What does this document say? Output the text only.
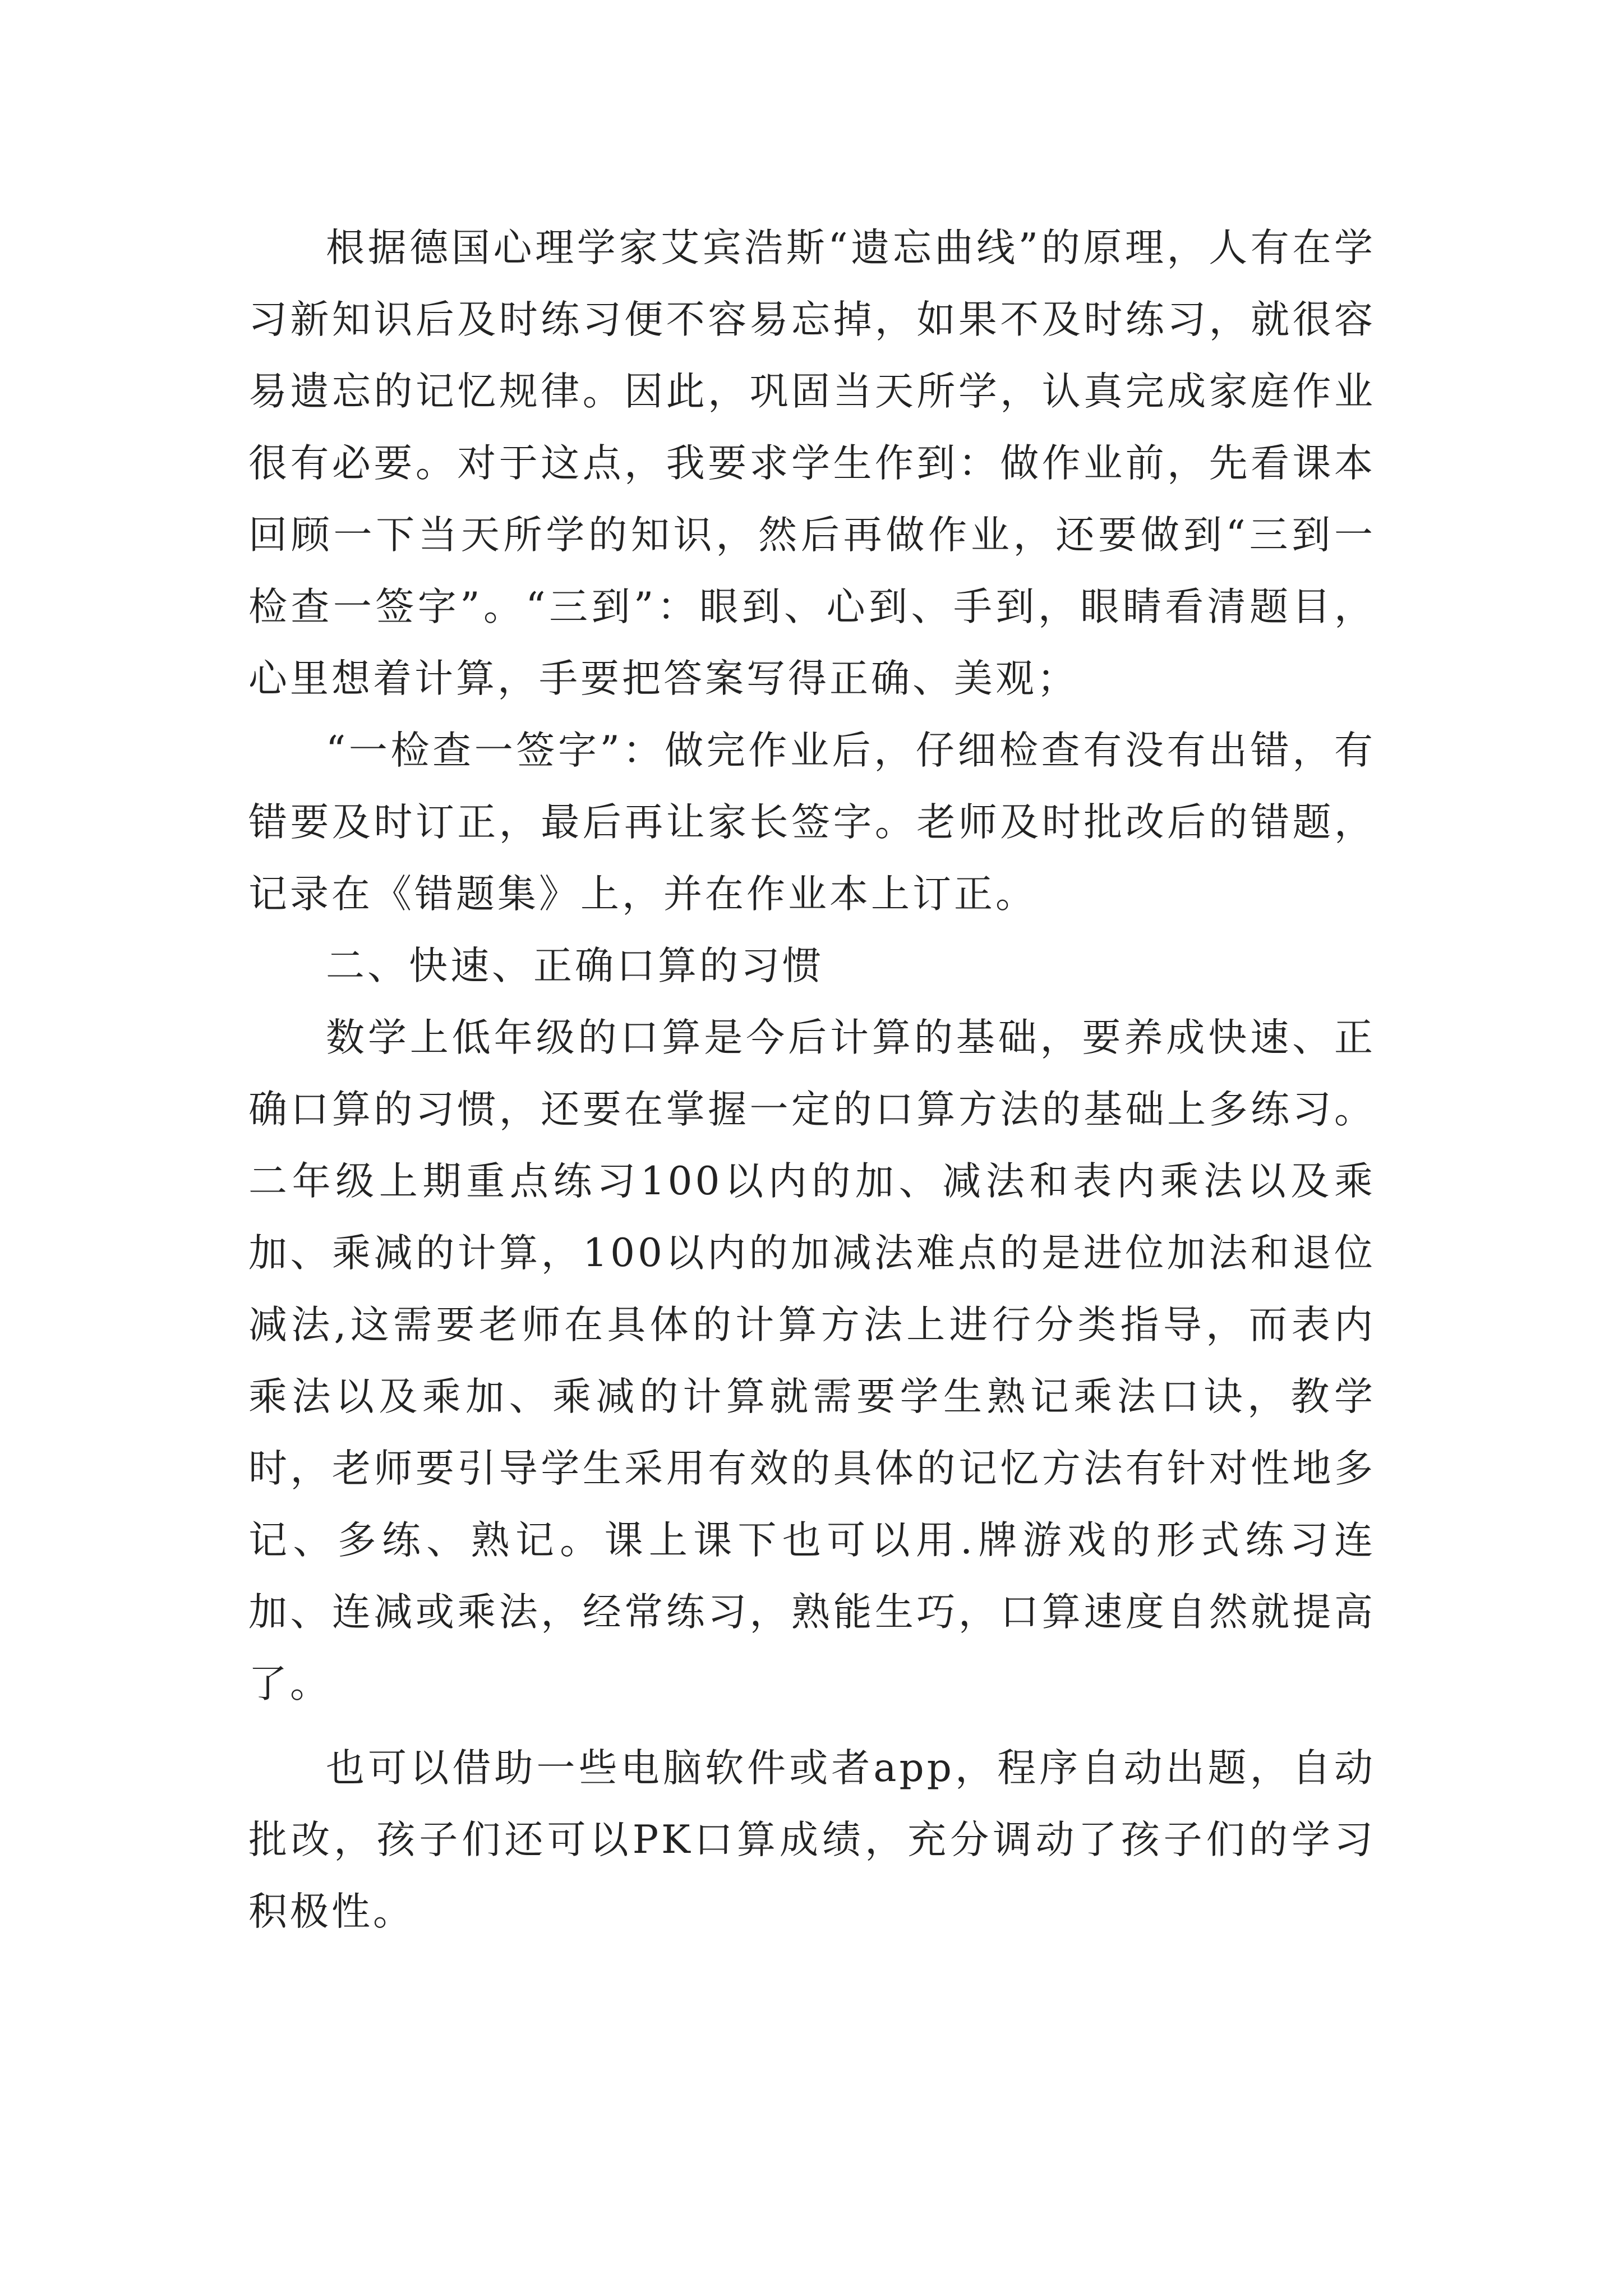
根据德国心理学家艾宾浩斯“遗忘曲线”的原理，人有在学习新知识后及时练习便不容易忘掉，如果不及时练习，就很容易遗忘的记忆规律。因此，巩固当天所学，认真完成家庭作业很有必要。对于这点，我要求学生作到：做作业前，先看课本回顾一下当天所学的知识，然后再做作业，还要做到“三到一检查一签字”。“三到”：眼到、心到、手到，眼睛看清题目，心里想着计算，手要把答案写得正确、美观；

“一检查一签字”：做完作业后，仔细检查有没有出错，有错要及时订正，最后再让家长签字。老师及时批改后的错题，记录在《错题集》上，并在作业本上订正。

二、快速、正确口算的习惯

数学上低年级的口算是今后计算的基础，要养成快速、正确口算的习惯，还要在掌握一定的口算方法的基础上多练习。二年级上期重点练习100以内的加、减法和表内乘法以及乘加、乘减的计算，100以内的加减法难点的是进位加法和退位减法,这需要老师在具体的计算方法上进行分类指导，而表内乘法以及乘加、乘减的计算就需要学生熟记乘法口诀，教学时，老师要引导学生采用有效的具体的记忆方法有针对性地多记、多练、熟记。课上课下也可以用.牌游戏的形式练习连加、连减或乘法，经常练习，熟能生巧，口算速度自然就提高了。

也可以借助一些电脑软件或者app，程序自动出题，自动批改，孩子们还可以PK口算成绩，充分调动了孩子们的学习积极性。
